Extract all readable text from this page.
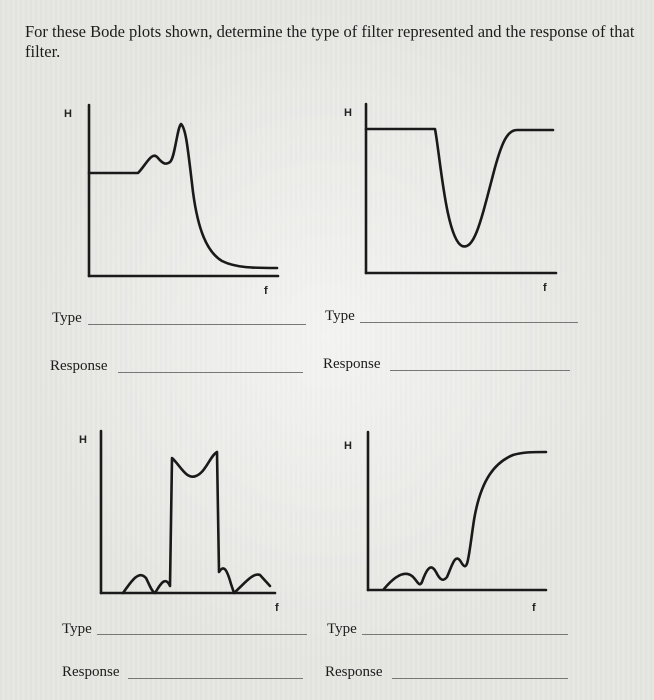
For these Bode plots shown, determine the type of filter represented and the response of that filter.

H
f
H
f
H
f
H
f
Type
Response
Type
Response
Type
Response
Type
Response
